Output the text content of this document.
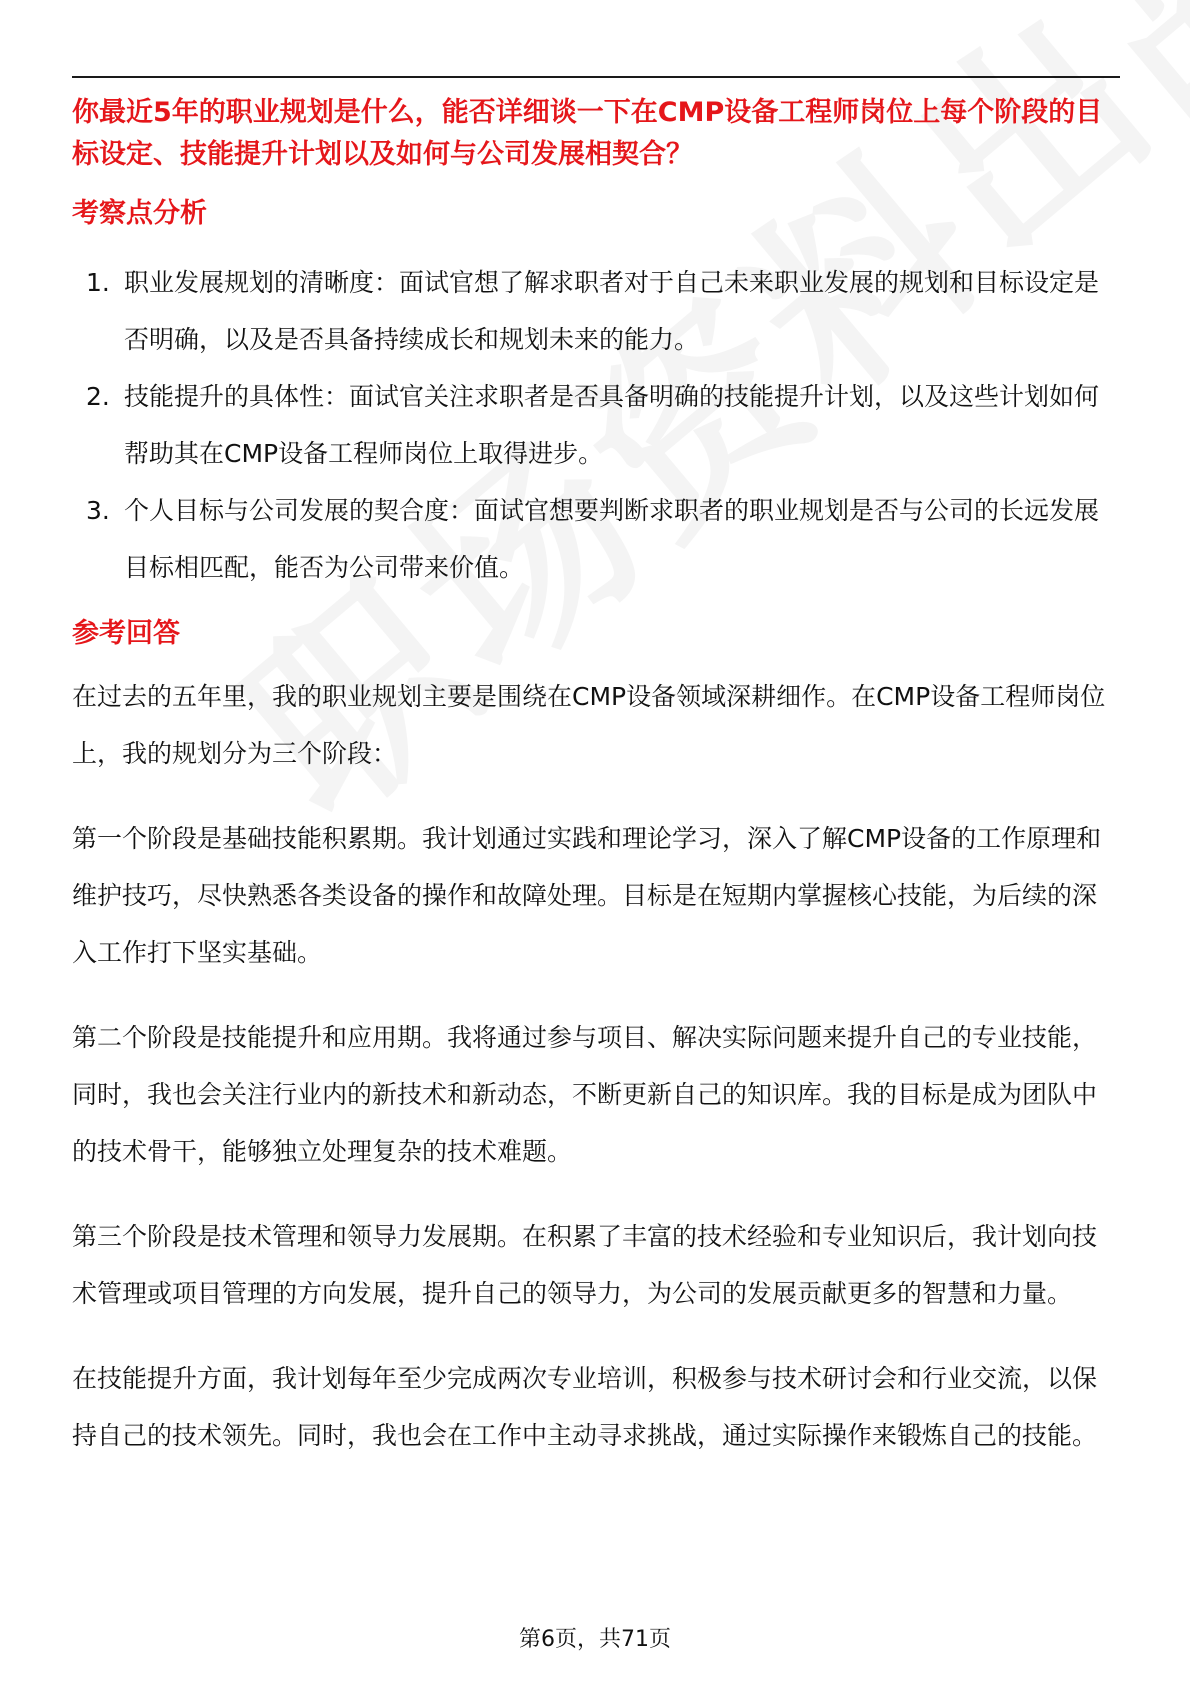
你最近5年的职业规划是什么，能否详细谈一下在CMP设备工程师岗位上每个阶段的目标设定、技能提升计划以及如何与公司发展相契合？

考察点分析
1. 职业发展规划的清晰度：面试官想了解求职者对于自己未来职业发展的规划和目标设定是否明确，以及是否具备持续成长和规划未来的能力。
2. 技能提升的具体性：面试官关注求职者是否具备明确的技能提升计划，以及这些计划如何帮助其在CMP设备工程师岗位上取得进步。
3. 个人目标与公司发展的契合度：面试官想要判断求职者的职业规划是否与公司的长远发展目标相匹配，能否为公司带来价值。
参考回答

在过去的五年里，我的职业规划主要是围绕在CMP设备领域深耕细作。在CMP设备工程师岗位上，我的规划分为三个阶段：

第一个阶段是基础技能积累期。我计划通过实践和理论学习，深入了解CMP设备的工作原理和维护技巧，尽快熟悉各类设备的操作和故障处理。目标是在短期内掌握核心技能，为后续的深入工作打下坚实基础。

第二个阶段是技能提升和应用期。我将通过参与项目、解决实际问题来提升自己的专业技能，同时，我也会关注行业内的新技术和新动态，不断更新自己的知识库。我的目标是成为团队中的技术骨干，能够独立处理复杂的技术难题。

第三个阶段是技术管理和领导力发展期。在积累了丰富的技术经验和专业知识后，我计划向技术管理或项目管理的方向发展，提升自己的领导力，为公司的发展贡献更多的智慧和力量。

在技能提升方面，我计划每年至少完成两次专业培训，积极参与技术研讨会和行业交流，以保持自己的技术领先。同时，我也会在工作中主动寻求挑战，通过实际操作来锻炼自己的技能。

第6页，共71页
